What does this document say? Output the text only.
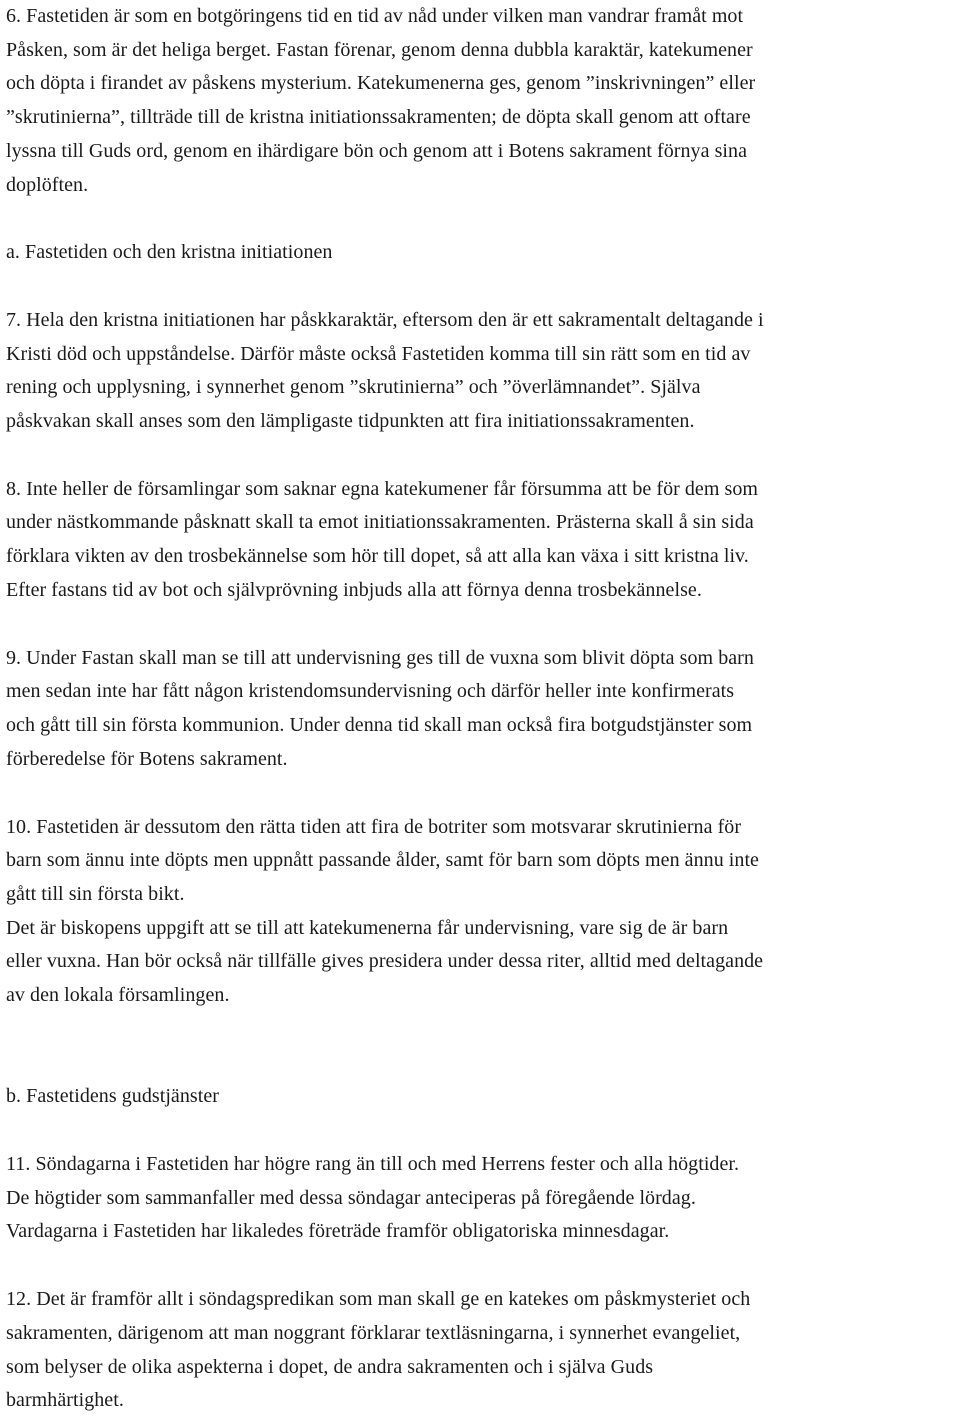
6. Fastetiden är som en botgöringens tid en tid av nåd under vilken man vandrar framåt mot
Påsken, som är det heliga berget. Fastan förenar, genom denna dubbla karaktär, katekumener
och döpta i firandet av påskens mysterium. Katekumenerna ges, genom ”inskrivningen” eller
”skrutinierna”, tillträde till de kristna initiationssakramenten; de döpta skall genom att oftare
lyssna till Guds ord, genom en ihärdigare bön och genom att i Botens sakrament förnya sina
doplöften.
a. Fastetiden och den kristna initiationen
7. Hela den kristna initiationen har påskkaraktär, eftersom den är ett sakramentalt deltagande i
Kristi död och uppståndelse. Därför måste också Fastetiden komma till sin rätt som en tid av
rening och upplysning, i synnerhet genom ”skrutinierna” och ”överlämnandet”. Själva
påskvakan skall anses som den lämpligaste tidpunkten att fira initiationssakramenten.
8. Inte heller de församlingar som saknar egna katekumener får försumma att be för dem som
under nästkommande påsknatt skall ta emot initiationssakramenten. Prästerna skall å sin sida
förklara vikten av den trosbekännelse som hör till dopet, så att alla kan växa i sitt kristna liv.
Efter fastans tid av bot och självprövning inbjuds alla att förnya denna trosbekännelse.
9. Under Fastan skall man se till att undervisning ges till de vuxna som blivit döpta som barn
men sedan inte har fått någon kristendomsundervisning och därför heller inte konfirmerats
och gått till sin första kommunion. Under denna tid skall man också fira botgudstjänster som
förberedelse för Botens sakrament.
10. Fastetiden är dessutom den rätta tiden att fira de botriter som motsvarar skrutinierna för
barn som ännu inte döpts men uppnått passande ålder, samt för barn som döpts men ännu inte
gått till sin första bikt.
Det är biskopens uppgift att se till att katekumenerna får undervisning, vare sig de är barn
eller vuxna. Han bör också när tillfälle gives presidera under dessa riter, alltid med deltagande
av den lokala församlingen.
b. Fastetidens gudstjänster
11. Söndagarna i Fastetiden har högre rang än till och med Herrens fester och alla högtider.
De högtider som sammanfaller med dessa söndagar anteciperas på föregående lördag.
Vardagarna i Fastetiden har likaledes företräde framför obligatoriska minnesdagar.
12. Det är framför allt i söndagspredikan som man skall ge en katekes om påskmysteriet och
sakramenten, därigenom att man noggrant förklarar textläsningarna, i synnerhet evangeliet,
som belyser de olika aspekterna i dopet, de andra sakramenten och i själva Guds
barmhärtighet.
